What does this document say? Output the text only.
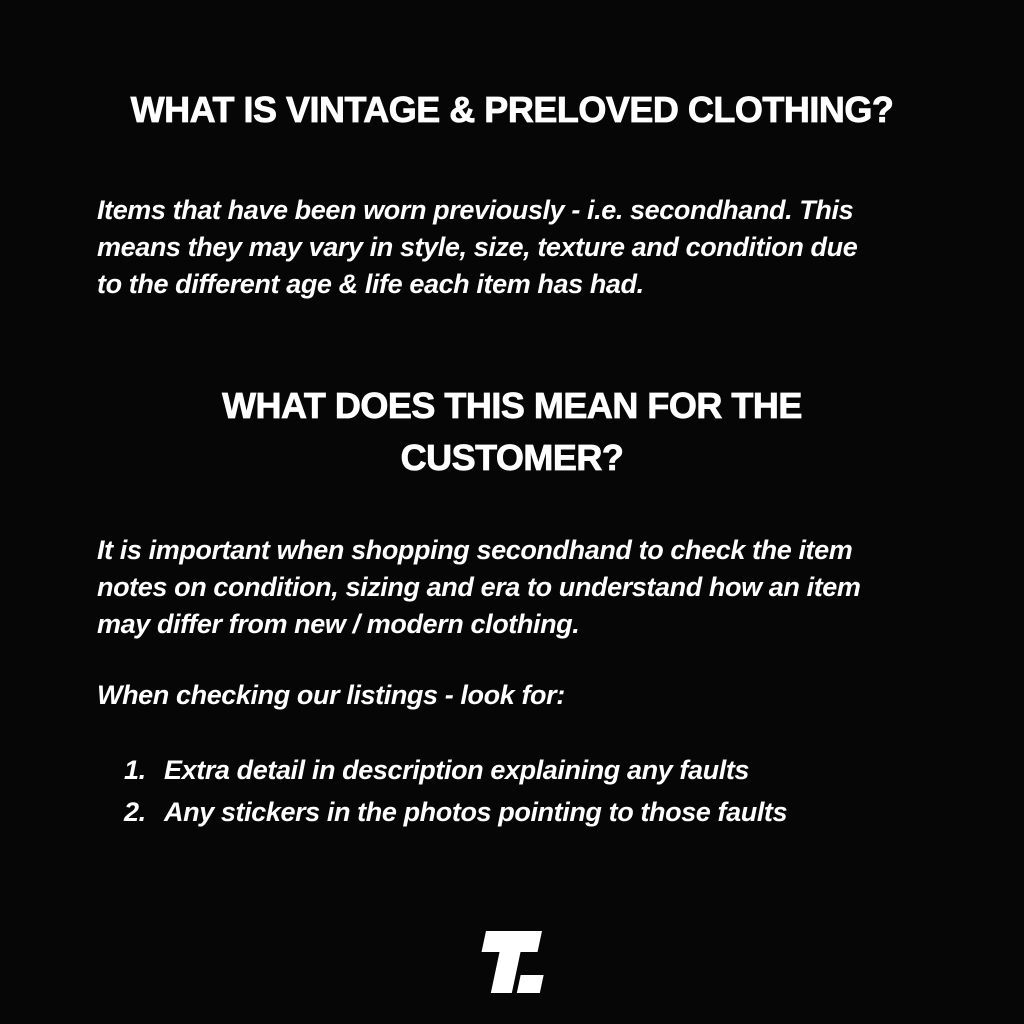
WHAT IS VINTAGE & PRELOVED CLOTHING?
Items that have been worn previously - i.e. secondhand. This
means they may vary in style, size, texture and condition due
to the different age & life each item has had.
WHAT DOES THIS MEAN FOR THE
CUSTOMER?
It is important when shopping secondhand to check the item
notes on condition, sizing and era to understand how an item
may differ from new / modern clothing.
When checking our listings - look for:
1. Extra detail in description explaining any faults
2. Any stickers in the photos pointing to those faults
